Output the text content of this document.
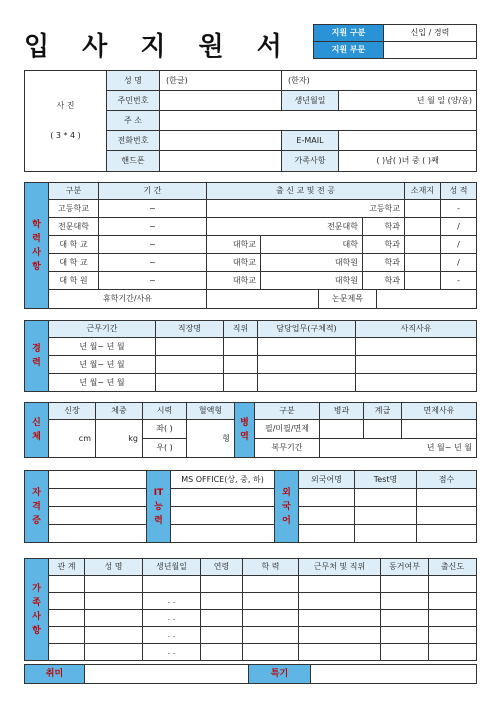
입 사 지 원 서	지원 구분	신입 / 경력
지원 부문	
사 진
( 3 * 4 )	성 명	(한글)	(한자)	
	주민번호		생년월일	년 월 일 (양/음)
	주 소			
	전화번호		E-MAIL	
	핸드폰		가족사항	( )남( )녀 중 ( )째
학력사항	구분	기 간	출 신 교 및 전 공					소재지	성 적
	고등학교	~	고등학교						-
	전문대학	~	전문대학			학과			/
	대 학 교	~	대학교	대학		학과			/
	대 학 교	~	대학교	대학원		학과			/
	대 학 원	~	대학교	대학원		학과			-
	휴학기간/사유				논문제목				
경력	근무기간	직장명	직위	담당업무(구체적)	사직사유
	년 월~ 년 월				
	년 월~ 년 월				
	년 월~ 년 월				
신체	신장	체중	시력	혈액형	병역	구분	병과	계급	면제사유
	cm	kg	좌( )	형		필/미필/면제			
			우( )			복무기간	년 월~ 년 월		
자격증		IT능력	MS OFFICE(상, 중, 하)	외국어	외국어명	Test명	점수

가족사항	관 계	성 명	생년월일	연령	학 력	근무처 및 직위	동거여부	출신도

			. .					
			. .					
			. .					
			. .					
취미		특기	
